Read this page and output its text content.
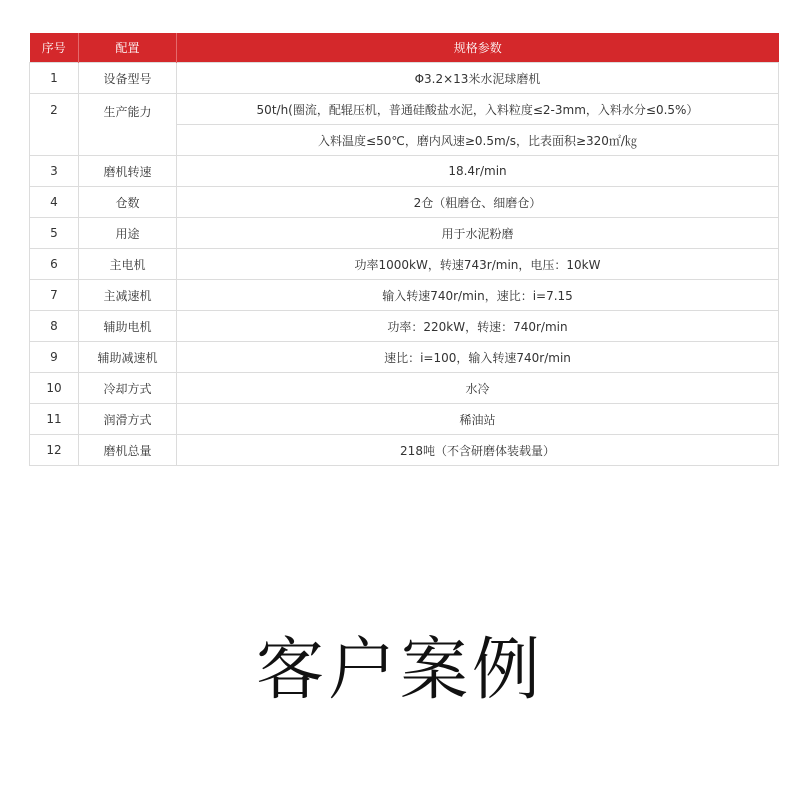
序号	配置	规格参数
1	设备型号	Φ3.2×13米水泥球磨机
2	生产能力	50t/h(圈流，配辊压机，普通硅酸盐水泥，入料粒度≤2-3mm，入料水分≤0.5%）
		入料温度≤50℃，磨内风速≥0.5m/s，比表面积≥320㎡/㎏
3	磨机转速	18.4r/min
4	仓数	2仓（粗磨仓、细磨仓）
5	用途	用于水泥粉磨
6	主电机	功率1000kW，转速743r/min，电压：10kW
7	主减速机	输入转速740r/min，速比：i=7.15
8	辅助电机	功率：220kW，转速：740r/min
9	辅助减速机	速比：i=100，输入转速740r/min
10	冷却方式	水冷
11	润滑方式	稀油站
12	磨机总量	218吨（不含研磨体装载量）
客户案例
